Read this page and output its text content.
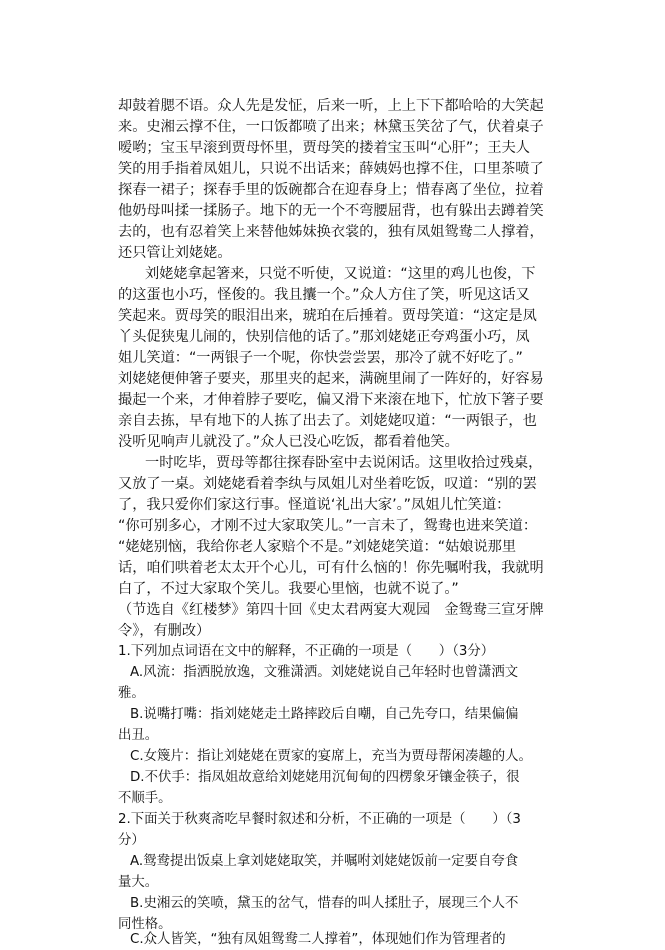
却鼓着腮不语。众人先是发怔，后来一听，上上下下都哈哈的大笑起
来。史湘云撑不住，一口饭都喷了出来；林黛玉笑岔了气，伏着桌子
嗳哟；宝玉早滚到贾母怀里，贾母笑的搂着宝玉叫“心肝”；王夫人
笑的用手指着凤姐儿，只说不出话来；薛姨妈也撑不住，口里茶喷了
探春一裙子；探春手里的饭碗都合在迎春身上；惜春离了坐位，拉着
他奶母叫揉一揉肠子。地下的无一个不弯腰屈背，也有躲出去蹲着笑
去的，也有忍着笑上来替他姊妹换衣裳的，独有凤姐鸳鸯二人撑着，
还只管让刘姥姥。
刘姥姥拿起箸来，只觉不听使，又说道：“这里的鸡儿也俊，下
的这蛋也小巧，怪俊的。我且攮一个。”众人方住了笑，听见这话又
笑起来。贾母笑的眼泪出来，琥珀在后捶着。贾母笑道：“这定是凤
丫头促狭鬼儿闹的，快别信他的话了。”那刘姥姥正夸鸡蛋小巧，凤
姐儿笑道：“一两银子一个呢，你快尝尝罢，那冷了就不好吃了。”
刘姥姥便伸箸子要夹，那里夹的起来，满碗里闹了一阵好的，好容易
撮起一个来，才伸着脖子要吃，偏又滑下来滚在地下，忙放下箸子要
亲自去拣，早有地下的人拣了出去了。刘姥姥叹道：“一两银子，也
没听见响声儿就没了。”众人已没心吃饭，都看着他笑。
一时吃毕，贾母等都往探春卧室中去说闲话。这里收拾过残桌，
又放了一桌。刘姥姥看着李纨与凤姐儿对坐着吃饭，叹道：“别的罢
了，我只爱你们家这行事。怪道说‘礼出大家’。”凤姐儿忙笑道：
“你可别多心，才刚不过大家取笑儿。”一言未了，鸳鸯也进来笑道：
“姥姥别恼，我给你老人家赔个不是。”刘姥姥笑道：“姑娘说那里
话，咱们哄着老太太开个心儿，可有什么恼的！你先嘱咐我，我就明
白了，不过大家取个笑儿。我要心里恼，也就不说了。”
（节选自《红楼梦》第四十回《史太君两宴大观园　金鸳鸯三宣牙牌
令》，有删改）
1.下列加点词语在文中的解释，不正确的一项是（　　）（3分）
A.风流：指洒脱放逸，文雅潇洒。刘姥姥说自己年轻时也曾潇洒文
雅。
B.说嘴打嘴：指刘姥姥走土路摔跤后自嘲，自己先夸口，结果偏偏
出丑。
C.女篾片：指让刘姥姥在贾家的宴席上，充当为贾母帮闲凑趣的人。
D.不伏手：指凤姐故意给刘姥姥用沉甸甸的四楞象牙镶金筷子，很
不顺手。
2.下面关于秋爽斋吃早餐时叙述和分析，不正确的一项是（　　）（3
分）
A.鸳鸯提出饭桌上拿刘姥姥取笑，并嘱咐刘姥姥饭前一定要自夸食
量大。
B.史湘云的笑喷，黛玉的岔气，惜春的叫人揉肚子，展现三个人不
同性格。
C.众人皆笑，“独有凤姐鸳鸯二人撑着”，体现她们作为管理者的
